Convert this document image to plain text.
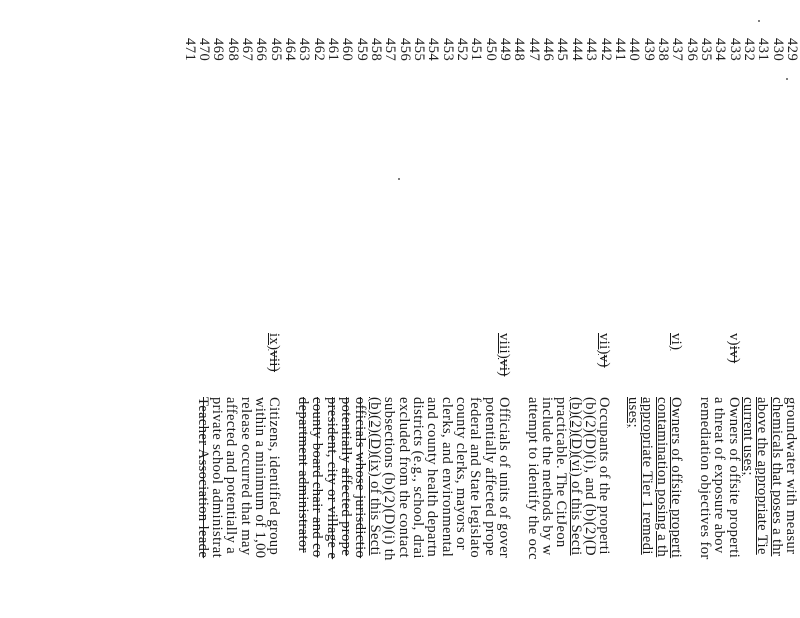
429
430
431
432
433
434
435
436
437
438
439
440
441
442
443
444
445
446
447
448
449
450
451
452
453
454
455
456
457
458
459
460
461
462
463
464
465
466
467
468
469
470
471
groundwater with measur
chemicals that poses a thr
above the appropriate Tie
current uses;
Owners of offsite properti
a threat of exposure abov
remediation objectives for
Owners of offsite properti
contamination posing a th
appropriate Tier 1 remedi
uses;
Occupants of the properti
(b)(2)(D)(i), and (b)(2)(D
(b)(2)(D)(vi) of this Secti
practicable. The CitJeon
include the methods by w
attempt to identify the occ
Officials of units of gover
potentially affected prope
federal and State legislato
county clerks, mayors or
clerks, and environmental
and county health departn
districts (e.g., school, drai
excluded from the contact
subsections (b)(2)(D)(i) th
(b)(2)(D)(ix) of this Secti
officials whose jurisdictio
potentially affected prope
president, city or village e
county board chair and co
department administrator
Citizens, identified group
within a minimum of 1,00
release occurred that may
affected and potentially a
private school administrat
Teacher Association leade
v)iv)
vi)
vii)v)
viii)vi)
ix)vii)
